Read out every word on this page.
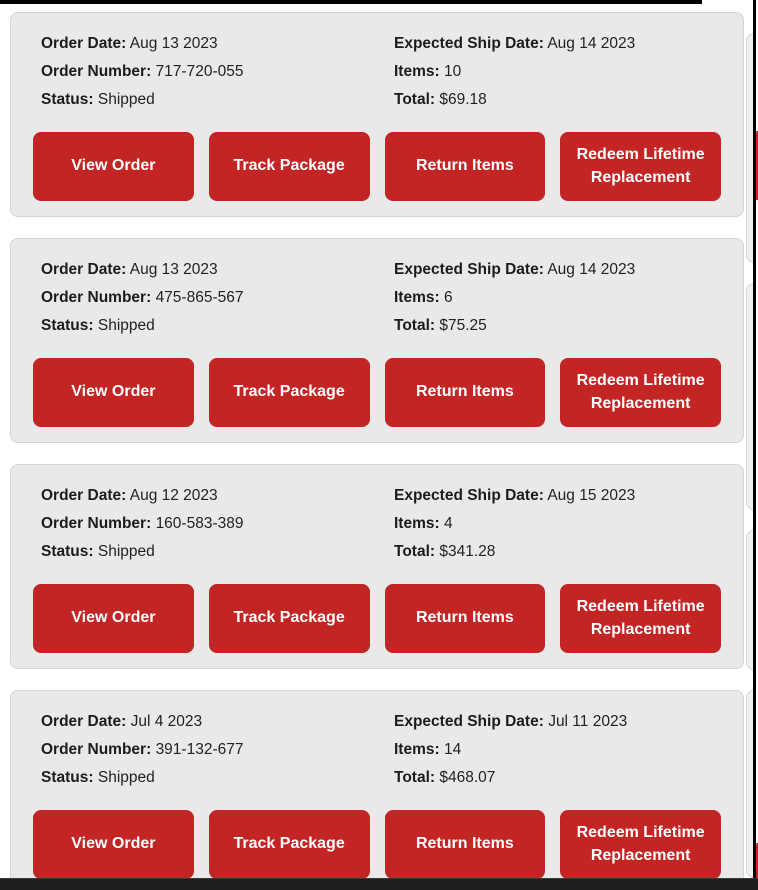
Order Date: Aug 13 2023

Order Number: 717-720-055

Status: Shipped

Expected Ship Date: Aug 14 2023

Items: 10

Total: $69.18

View Order	Track Package	Return Items
Redeem Lifetime Replacement

Order Date: Aug 13 2023

Order Number: 475-865-567

Status: Shipped

Expected Ship Date: Aug 14 2023

Items: 6

Total: $75.25

View Order	Track Package	Return Items
Redeem Lifetime Replacement

Order Date: Aug 12 2023

Order Number: 160-583-389

Status: Shipped

Expected Ship Date: Aug 15 2023

Items: 4

Total: $341.28

View Order	Track Package	Return Items
Redeem Lifetime Replacement

Order Date: Jul 4 2023

Order Number: 391-132-677

Status: Shipped

Expected Ship Date: Jul 11 2023

Items: 14

Total: $468.07

View Order	Track Package	Return Items
Redeem Lifetime Replacement
